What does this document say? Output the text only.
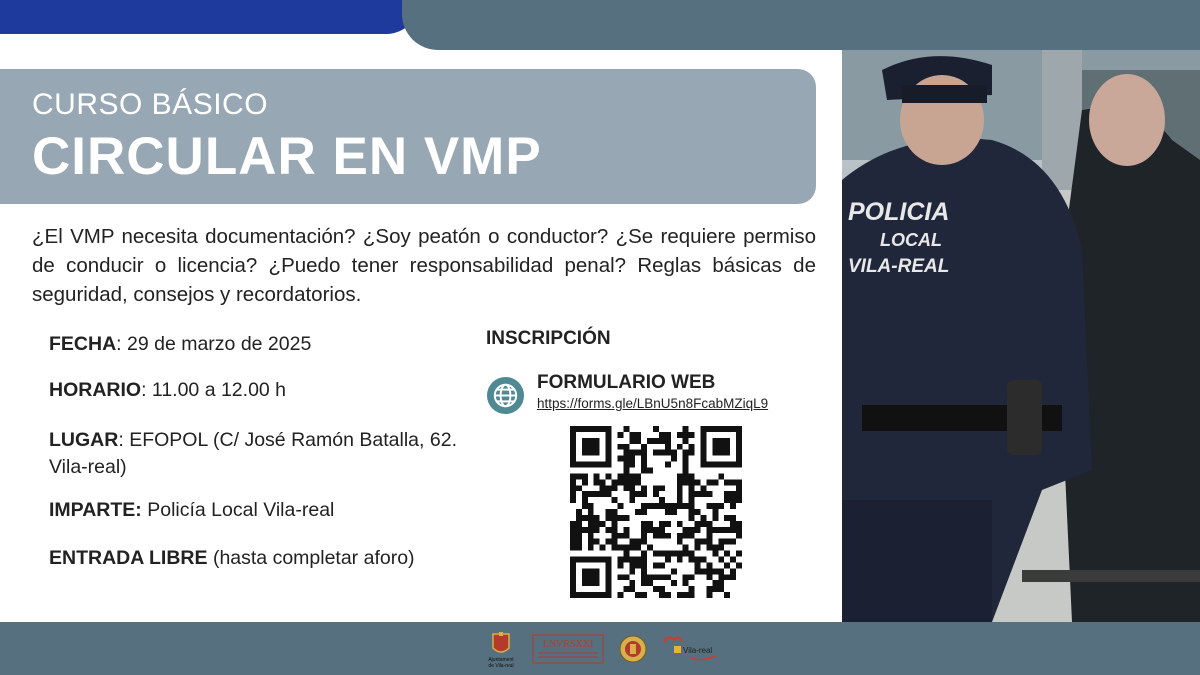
CURSO BÁSICO
CIRCULAR EN VMP

¿El VMP necesita documentación? ¿Soy peatón o conductor? ¿Se requiere permiso de conducir o licencia? ¿Puedo tener responsabilidad penal? Reglas básicas de seguridad, consejos y recordatorios.

FECHA: 29 de marzo de 2025
HORARIO: 11.00 a 12.00 h
LUGAR: EFOPOL (C/ José Ramón Batalla, 62. Vila-real)
IMPARTE: Policía Local Vila-real
ENTRADA LIBRE (hasta completar aforo)
INSCRIPCIÓN
FORMULARIO WEB
https://forms.gle/LBnU5n8FcabMZiqL9
POLICIA
LOCAL
VILA-REAL
Ajuntament
de Vila-real
LNVRSXXI
Vila-real
